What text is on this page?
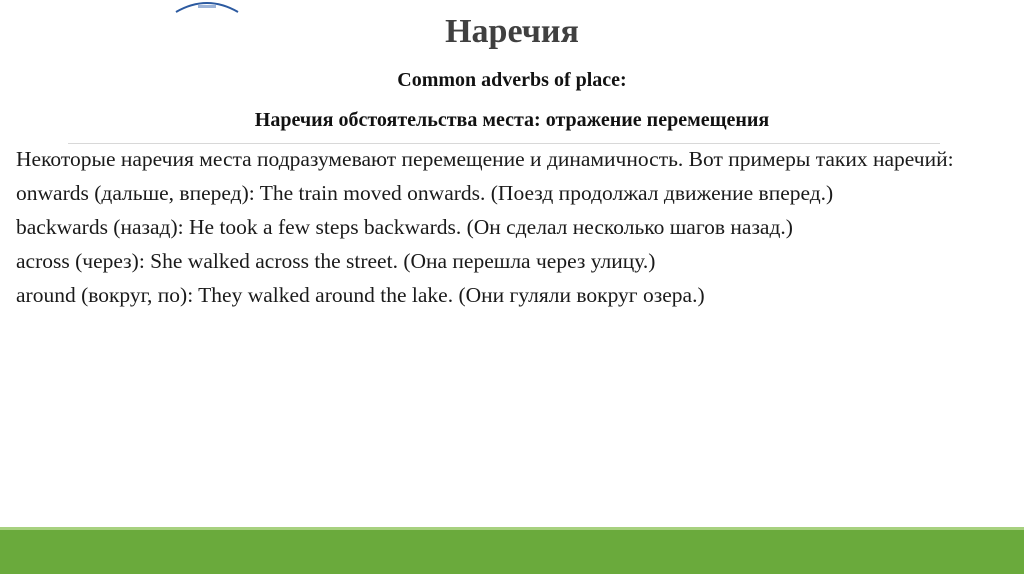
Наречия
Common adverbs of place:
Наречия обстоятельства места: отражение перемещения

Некоторые наречия места подразумевают перемещение и динамичность. Вот примеры таких наречий:

onwards (дальше, вперед): The train moved onwards. (Поезд продолжал движение вперед.)

backwards (назад): He took a few steps backwards. (Он сделал несколько шагов назад.)

across (через): She walked across the street. (Она перешла через улицу.)

around (вокруг, по): They walked around the lake. (Они гуляли вокруг озера.)
